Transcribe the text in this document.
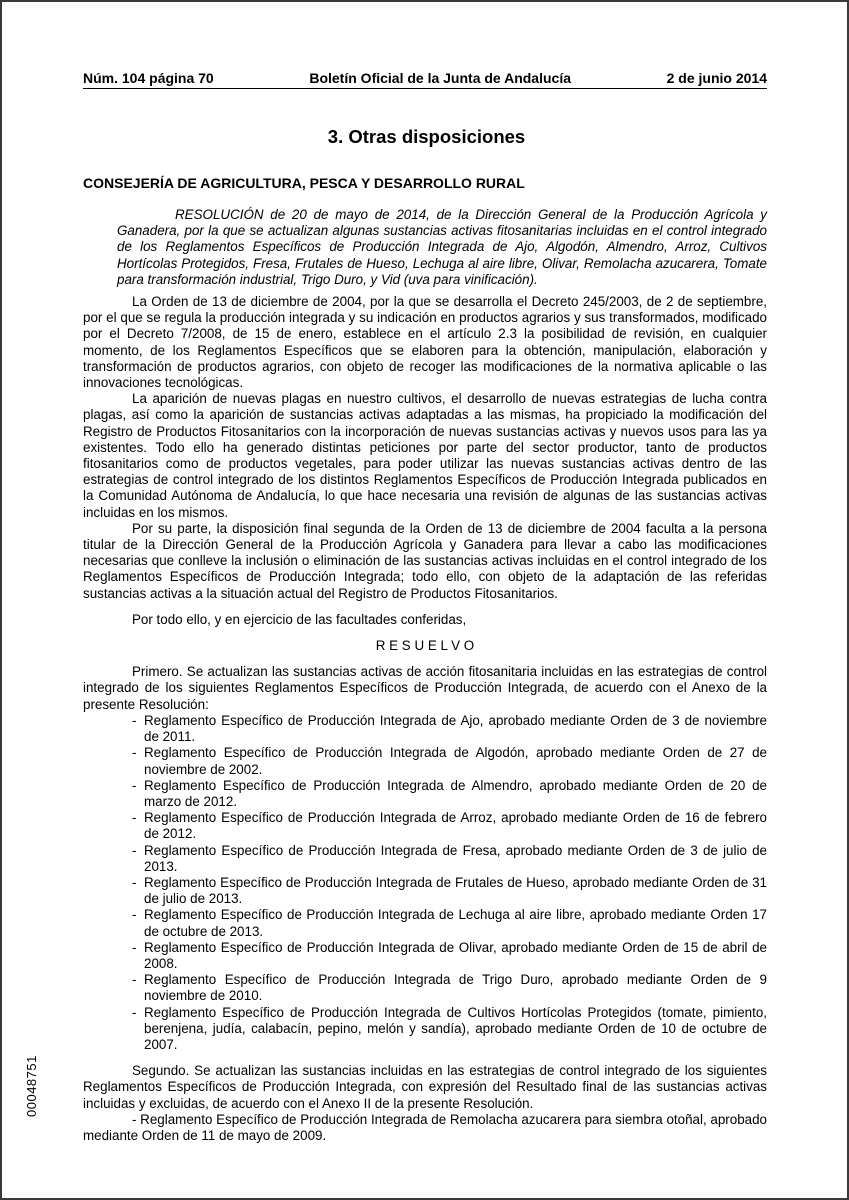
Núm. 104 página 70	Boletín Oficial de la Junta de Andalucía	2 de junio 2014
3. Otras disposiciones
CONSEJERÍA DE AGRICULTURA, PESCA Y DESARROLLO RURAL

RESOLUCIÓN de 20 de mayo de 2014, de la Dirección General de la Producción Agrícola y Ganadera, por la que se actualizan algunas sustancias activas fitosanitarias incluidas en el control integrado de los Reglamentos Específicos de Producción Integrada de Ajo, Algodón, Almendro, Arroz, Cultivos Hortícolas Protegidos, Fresa, Frutales de Hueso, Lechuga al aire libre, Olivar, Remolacha azucarera, Tomate para transformación industrial, Trigo Duro, y Vid (uva para vinificación).

La Orden de 13 de diciembre de 2004, por la que se desarrolla el Decreto 245/2003, de 2 de septiembre, por el que se regula la producción integrada y su indicación en productos agrarios y sus transformados, modificado por el Decreto 7/2008, de 15 de enero, establece en el artículo 2.3 la posibilidad de revisión, en cualquier momento, de los Reglamentos Específicos que se elaboren para la obtención, manipulación, elaboración y transformación de productos agrarios, con objeto de recoger las modificaciones de la normativa aplicable o las innovaciones tecnológicas.

La aparición de nuevas plagas en nuestro cultivos, el desarrollo de nuevas estrategias de lucha contra plagas, así como la aparición de sustancias activas adaptadas a las mismas, ha propiciado la modificación del Registro de Productos Fitosanitarios con la incorporación de nuevas sustancias activas y nuevos usos para las ya existentes. Todo ello ha generado distintas peticiones por parte del sector productor, tanto de productos fitosanitarios como de productos vegetales, para poder utilizar las nuevas sustancias activas dentro de las estrategias de control integrado de los distintos Reglamentos Específicos de Producción Integrada publicados en la Comunidad Autónoma de Andalucía, lo que hace necesaria una revisión de algunas de las sustancias activas incluidas en los mismos.

Por su parte, la disposición final segunda de la Orden de 13 de diciembre de 2004 faculta a la persona titular de la Dirección General de la Producción Agrícola y Ganadera para llevar a cabo las modificaciones necesarias que conlleve la inclusión o eliminación de las sustancias activas incluidas en el control integrado de los Reglamentos Específicos de Producción Integrada; todo ello, con objeto de la adaptación de las referidas sustancias activas a la situación actual del Registro de Productos Fitosanitarios.

Por todo ello, y en ejercicio de las facultades conferidas,

R E S U E L V O

Primero. Se actualizan las sustancias activas de acción fitosanitaria incluidas en las estrategias de control integrado de los siguientes Reglamentos Específicos de Producción Integrada, de acuerdo con el Anexo de la presente Resolución:

- Reglamento Específico de Producción Integrada de Ajo, aprobado mediante Orden de 3 de noviembre de 2011.
- Reglamento Específico de Producción Integrada de Algodón, aprobado mediante Orden de 27 de noviembre de 2002.
- Reglamento Específico de Producción Integrada de Almendro, aprobado mediante Orden de 20 de marzo de 2012.
- Reglamento Específico de Producción Integrada de Arroz, aprobado mediante Orden de 16 de febrero de 2012.
- Reglamento Específico de Producción Integrada de Fresa, aprobado mediante Orden de 3 de julio de 2013.
- Reglamento Específico de Producción Integrada de Frutales de Hueso, aprobado mediante Orden de 31 de julio de 2013.
- Reglamento Específico de Producción Integrada de Lechuga al aire libre, aprobado mediante Orden 17 de octubre de 2013.
- Reglamento Específico de Producción Integrada de Olivar, aprobado mediante Orden de 15 de abril de 2008.
- Reglamento Específico de Producción Integrada de Trigo Duro, aprobado mediante Orden de 9 noviembre de 2010.
- Reglamento Específico de Producción Integrada de Cultivos Hortícolas Protegidos (tomate, pimiento, berenjena, judía, calabacín, pepino, melón y sandía), aprobado mediante Orden de 10 de octubre de 2007.

Segundo. Se actualizan las sustancias incluidas en las estrategias de control integrado de los siguientes Reglamentos Específicos de Producción Integrada, con expresión del Resultado final de las sustancias activas incluidas y excluidas, de acuerdo con el Anexo II de la presente Resolución.

- Reglamento Específico de Producción Integrada de Remolacha azucarera para siembra otoñal, aprobado mediante Orden de 11 de mayo de 2009.

00048751
